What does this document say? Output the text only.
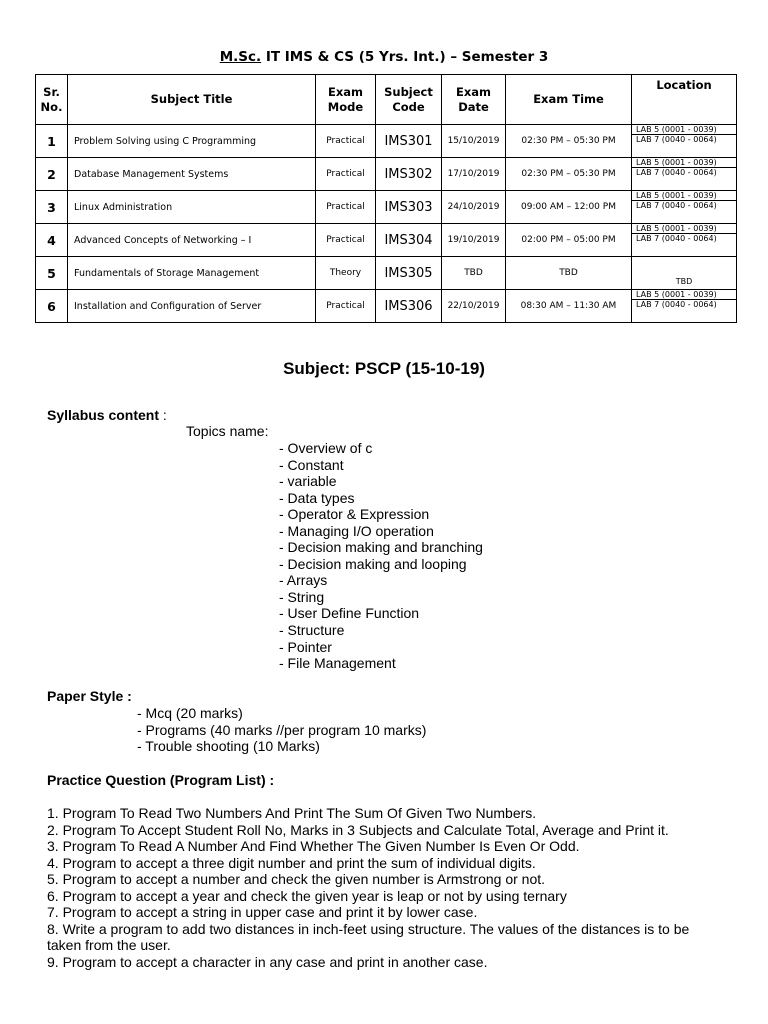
M.Sc. IT IMS & CS (5 Yrs. Int.) – Semester 3
Sr. No.	Subject Title	Exam Mode	Subject Code	Exam Date	Exam Time	Location
1	Problem Solving using C Programming	Practical	IMS301	15/10/2019	02:30 PM – 05:30 PM	LAB 5 (0001 - 0039)
LAB 7 (0040 - 0064)

2	Database Management Systems	Practical	IMS302	17/10/2019	02:30 PM – 05:30 PM	LAB 5 (0001 - 0039)
LAB 7 (0040 - 0064)

3	Linux Administration	Practical	IMS303	24/10/2019	09:00 AM – 12:00 PM	LAB 5 (0001 - 0039)
LAB 7 (0040 - 0064)

4	Advanced Concepts of Networking – I	Practical	IMS304	19/10/2019	02:00 PM – 05:00 PM	LAB 5 (0001 - 0039)
LAB 7 (0040 - 0064)

5	Fundamentals of Storage Management	Theory	IMS305	TBD	TBD	TBD
6	Installation and Configuration of Server	Practical	IMS306	22/10/2019	08:30 AM – 11:30 AM	LAB 5 (0001 - 0039)
LAB 7 (0040 - 0064)
Subject: PSCP (15-10-19)
Syllabus content :
Topics name:
- Overview of c
- Constant
- variable
- Data types
- Operator & Expression
- Managing I/O operation
- Decision making and branching
- Decision making and looping
- Arrays
- String
- User Define Function
- Structure
- Pointer
- File Management
Paper Style :
- Mcq (20 marks)
- Programs (40 marks //per program 10 marks)
- Trouble shooting (10 Marks)
Practice Question (Program List) :
1. Program To Read Two Numbers And Print The Sum Of Given Two Numbers.
2. Program To Accept Student Roll No, Marks in 3 Subjects and Calculate Total, Average and Print it.
3. Program To Read A Number And Find Whether The Given Number Is Even Or Odd.
4. Program to accept a three digit number and print the sum of individual digits.
5. Program to accept a number and check the given number is Armstrong or not.
6. Program to accept a year and check the given year is leap or not by using ternary
7. Program to accept a string in upper case and print it by lower case.
8. Write a program to add two distances in inch-feet using structure. The values of the distances is to be taken from the user.
9. Program to accept a character in any case and print in another case.
